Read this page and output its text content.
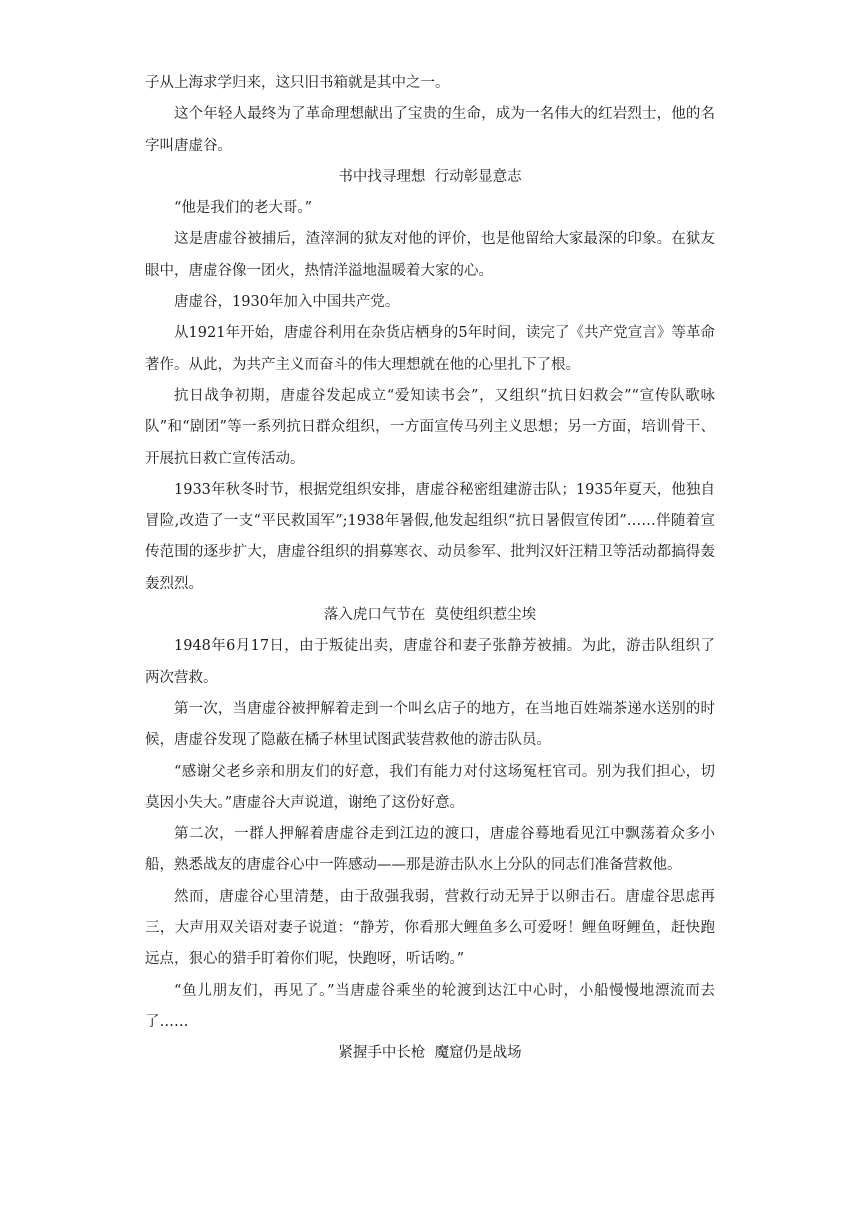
子从上海求学归来，这只旧书箱就是其中之一。

这个年轻人最终为了革命理想献出了宝贵的生命，成为一名伟大的红岩烈士，他的名字叫唐虚谷。

书中找寻理想  行动彰显意志

“他是我们的老大哥。”

这是唐虚谷被捕后，渣滓洞的狱友对他的评价，也是他留给大家最深的印象。在狱友眼中，唐虚谷像一团火，热情洋溢地温暖着大家的心。

唐虚谷，1930年加入中国共产党。

从1921年开始，唐虚谷利用在杂货店栖身的5年时间，读完了《共产党宣言》等革命著作。从此，为共产主义而奋斗的伟大理想就在他的心里扎下了根。

抗日战争初期，唐虚谷发起成立“爱知读书会”，又组织“抗日妇救会”“宣传队歌咏队”和“剧团”等一系列抗日群众组织，一方面宣传马列主义思想；另一方面，培训骨干、开展抗日救亡宣传活动。

1933年秋冬时节，根据党组织安排，唐虚谷秘密组建游击队；1935年夏天，他独自冒险,改造了一支“平民救国军”;1938年暑假,他发起组织“抗日暑假宣传团”……伴随着宣传范围的逐步扩大，唐虚谷组织的捐募寒衣、动员参军、批判汉奸汪精卫等活动都搞得轰轰烈烈。

落入虎口气节在  莫使组织惹尘埃

1948年6月17日，由于叛徒出卖，唐虚谷和妻子张静芳被捕。为此，游击队组织了两次营救。

第一次，当唐虚谷被押解着走到一个叫幺店子的地方，在当地百姓端茶递水送别的时候，唐虚谷发现了隐蔽在橘子林里试图武装营救他的游击队员。

“感谢父老乡亲和朋友们的好意，我们有能力对付这场冤枉官司。别为我们担心，切莫因小失大。”唐虚谷大声说道，谢绝了这份好意。

第二次，一群人押解着唐虚谷走到江边的渡口，唐虚谷蓦地看见江中飘荡着众多小船，熟悉战友的唐虚谷心中一阵感动——那是游击队水上分队的同志们准备营救他。

然而，唐虚谷心里清楚，由于敌强我弱，营救行动无异于以卵击石。唐虚谷思虑再三，大声用双关语对妻子说道：“静芳，你看那大鲤鱼多么可爱呀！鲤鱼呀鲤鱼，赶快跑远点，狠心的猎手盯着你们呢，快跑呀，听话哟。”

“鱼儿朋友们，再见了。”当唐虚谷乘坐的轮渡到达江中心时，小船慢慢地漂流而去了……

紧握手中长枪  魔窟仍是战场
